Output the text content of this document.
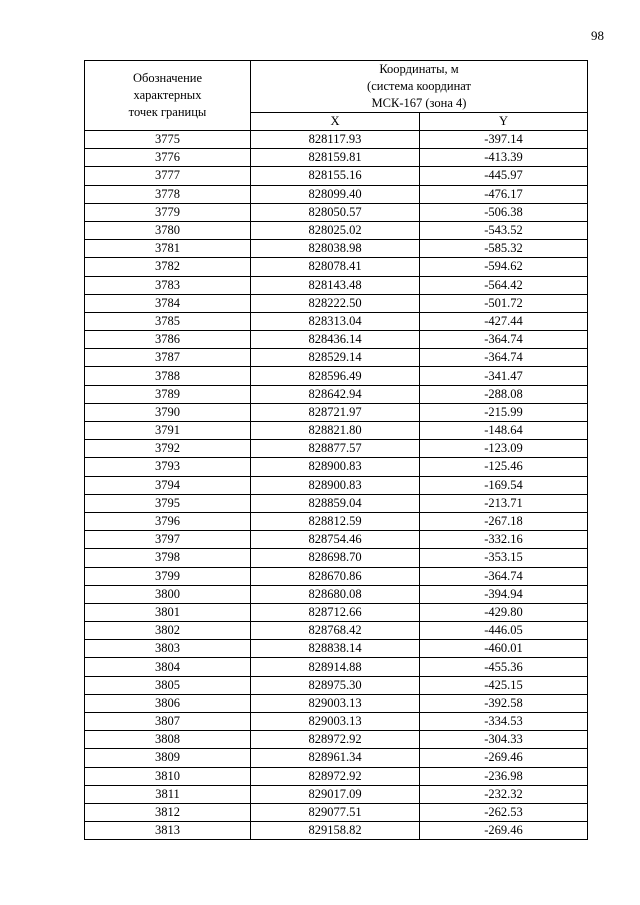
98
Обозначение
характерных
точек границы	Координаты, м
(система координат
МСК-167 (зона 4)	

	X	Y
3775	828117.93	-397.14
3776	828159.81	-413.39
3777	828155.16	-445.97
3778	828099.40	-476.17
3779	828050.57	-506.38
3780	828025.02	-543.52
3781	828038.98	-585.32
3782	828078.41	-594.62
3783	828143.48	-564.42
3784	828222.50	-501.72
3785	828313.04	-427.44
3786	828436.14	-364.74
3787	828529.14	-364.74
3788	828596.49	-341.47
3789	828642.94	-288.08
3790	828721.97	-215.99
3791	828821.80	-148.64
3792	828877.57	-123.09
3793	828900.83	-125.46
3794	828900.83	-169.54
3795	828859.04	-213.71
3796	828812.59	-267.18
3797	828754.46	-332.16
3798	828698.70	-353.15
3799	828670.86	-364.74
3800	828680.08	-394.94
3801	828712.66	-429.80
3802	828768.42	-446.05
3803	828838.14	-460.01
3804	828914.88	-455.36
3805	828975.30	-425.15
3806	829003.13	-392.58
3807	829003.13	-334.53
3808	828972.92	-304.33
3809	828961.34	-269.46
3810	828972.92	-236.98
3811	829017.09	-232.32
3812	829077.51	-262.53
3813	829158.82	-269.46
